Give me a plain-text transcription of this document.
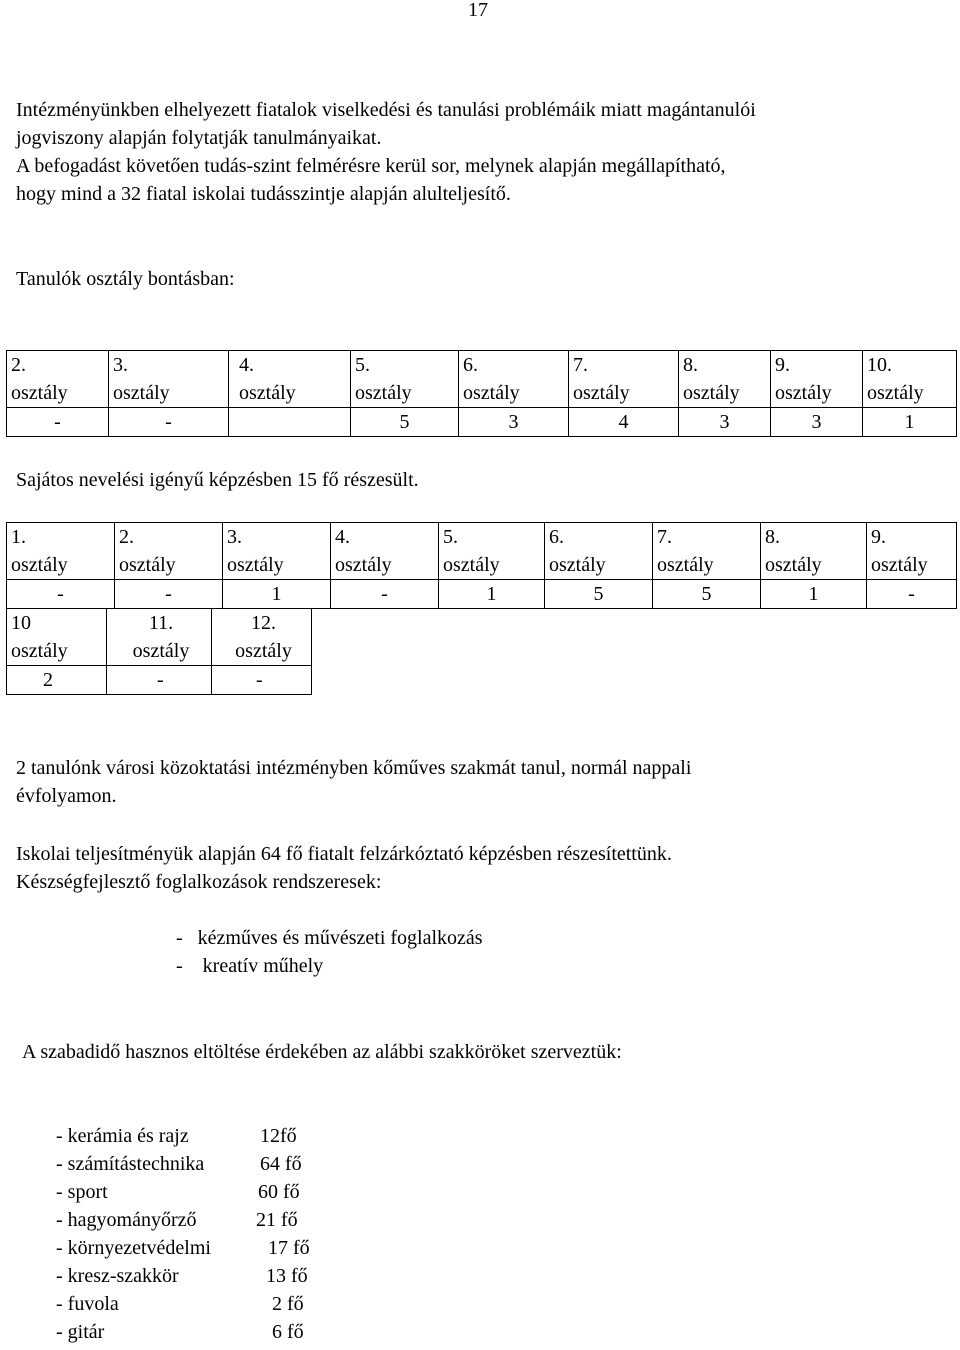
17
Intézményünkben elhelyezett fiatalok viselkedési és tanulási problémáik miatt magántanulói
jogviszony alapján folytatják tanulmányaikat.
A befogadást követően tudás-szint felmérésre kerül sor, melynek alapján megállapítható,
hogy mind a 32 fiatal iskolai tudásszintje alapján alulteljesítő.
Tanulók osztály bontásban:
2.
osztály	3.
osztály	4.
osztály	5.
osztály	6.
osztály	7.
osztály	8.
osztály	9.
osztály	10.
osztály

-	-		5	3	4	3	3	1
Sajátos nevelési igényű képzésben 15 fő részesült.
1.
osztály	2.
osztály	3.
osztály	4.
osztály	5.
osztály	6.
osztály	7.
osztály	8.
osztály	9.
osztály

-	-	1	-	1	5	5	1	-
10
osztály	11.
osztály	12.
osztály

2	-	-
2 tanulónk városi közoktatási intézményben kőműves szakmát tanul, normál nappali
évfolyamon.
Iskolai teljesítményük alapján 64 fő fiatalt felzárkóztató képzésben részesítettünk.
Készségfejlesztő foglalkozások rendszeresek:
-   kézműves és művészeti foglalkozás
-    kreatív műhely
A szabadidő hasznos eltöltése érdekében az alábbi szakköröket szerveztük:
- kerámia és rajz	12fő
- számítástechnika	64 fő
- sport	60 fő
- hagyományőrző	21 fő
- környezetvédelmi	17 fő
- kresz-szakkör	13 fő
- fuvola	2 fő
- gitár	6 fő
